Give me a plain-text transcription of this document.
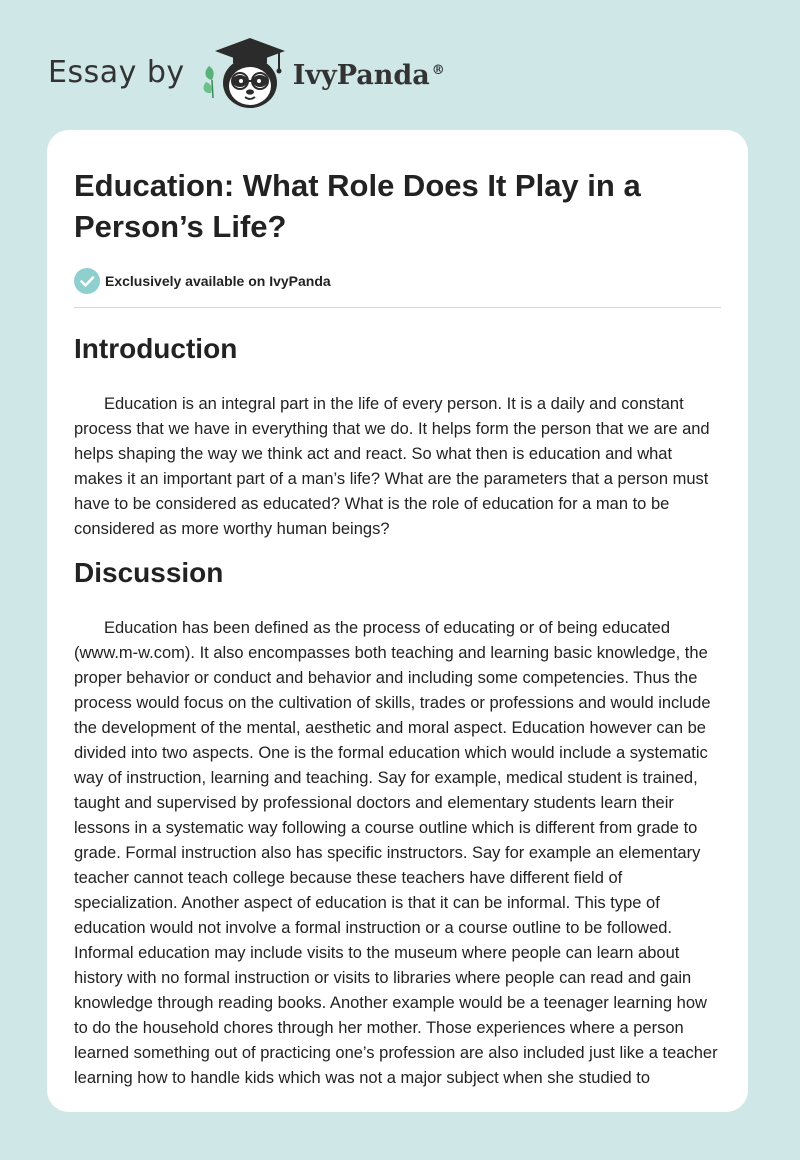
Essay by	IvyPanda ®
Education: What Role Does It Play in a Person’s Life?
Exclusively available on IvyPanda
Introduction

Education is an integral part in the life of every person. It is a daily and constant process that we have in everything that we do. It helps form the person that we are and helps shaping the way we think act and react. So what then is education and what makes it an important part of a man’s life? What are the parameters that a person must have to be considered as educated? What is the role of education for a man to be considered as more worthy human beings?

Discussion

Education has been defined as the process of educating or of being educated (www.m-w.com). It also encompasses both teaching and learning basic knowledge, the proper behavior or conduct and behavior and including some competencies. Thus the process would focus on the cultivation of skills, trades or professions and would include the development of the mental, aesthetic and moral aspect. Education however can be divided into two aspects. One is the formal education which would include a systematic way of instruction, learning and teaching. Say for example, medical student is trained, taught and supervised by professional doctors and elementary students learn their lessons in a systematic way following a course outline which is different from grade to grade. Formal instruction also has specific instructors. Say for example an elementary teacher cannot teach college because these teachers have different field of specialization. Another aspect of education is that it can be informal. This type of education would not involve a formal instruction or a course outline to be followed. Informal education may include visits to the museum where people can learn about history with no formal instruction or visits to libraries where people can read and gain knowledge through reading books. Another example would be a teenager learning how to do the household chores through her mother. Those experiences where a person learned something out of practicing one’s profession are also included just like a teacher learning how to handle kids which was not a major subject when she studied to
